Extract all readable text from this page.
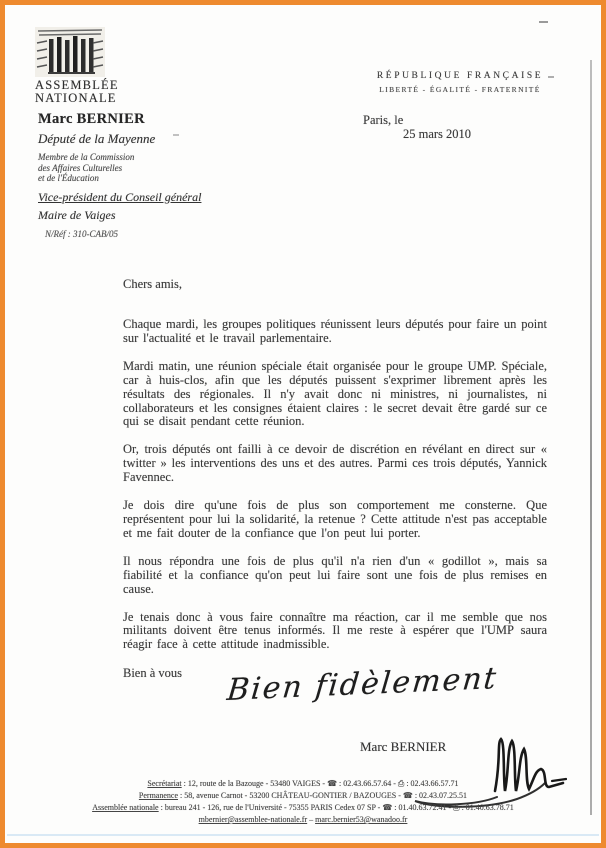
ASSEMBLÉE
NATIONALE
RÉPUBLIQUE FRANÇAISE
LIBERTÉ - ÉGALITÉ - FRATERNITÉ
Paris, le
25 mars 2010
Marc BERNIER
Député de la Mayenne
Membre de la Commission
des Affaires Culturelles
et de l'Éducation
Vice-président du Conseil général
Maire de Vaiges
N/Réf : 310-CAB/05

Chers amis,

Chaque mardi, les groupes politiques réunissent leurs députés pour faire un point sur l'actualité et le travail parlementaire.

Mardi matin, une réunion spéciale était organisée pour le groupe UMP. Spéciale, car à huis-clos, afin que les députés puissent s'exprimer librement après les résultats des régionales. Il n'y avait donc ni ministres, ni journalistes, ni collaborateurs et les consignes étaient claires : le secret devait être gardé sur ce qui se disait pendant cette réunion.

Or, trois députés ont failli à ce devoir de discrétion en révélant en direct sur « twitter » les interventions des uns et des autres. Parmi ces trois députés, Yannick Favennec.

Je dois dire qu'une fois de plus son comportement me consterne. Que représentent pour lui la solidarité, la retenue ? Cette attitude n'est pas acceptable et me fait douter de la confiance que l'on peut lui porter.

Il nous répondra une fois de plus qu'il n'a rien d'un « godillot », mais sa fiabilité et la confiance qu'on peut lui faire sont une fois de plus remises en cause.

Je tenais donc à vous faire connaître ma réaction, car il me semble que nos militants doivent être tenus informés. Il me reste à espérer que l'UMP saura réagir face à cette attitude inadmissible.

Bien à vous	Bien fidèlement
Marc BERNIER
Secrétariat : 12, route de la Bazouge - 53480 VAIGES - ☎ : 02.43.66.57.64 - ⎙ : 02.43.66.57.71
Permanence : 58, avenue Carnot - 53200 CHÂTEAU-GONTIER / BAZOUGES - ☎ : 02.43.07.25.51
Assemblée nationale : bureau 241 - 126, rue de l'Université - 75355 PARIS Cedex 07 SP - ☎ : 01.40.63.72.41 - ⎙ : 01.40.63.78.71
mbernier@assemblee-nationale.fr – marc.bernier53@wanadoo.fr
